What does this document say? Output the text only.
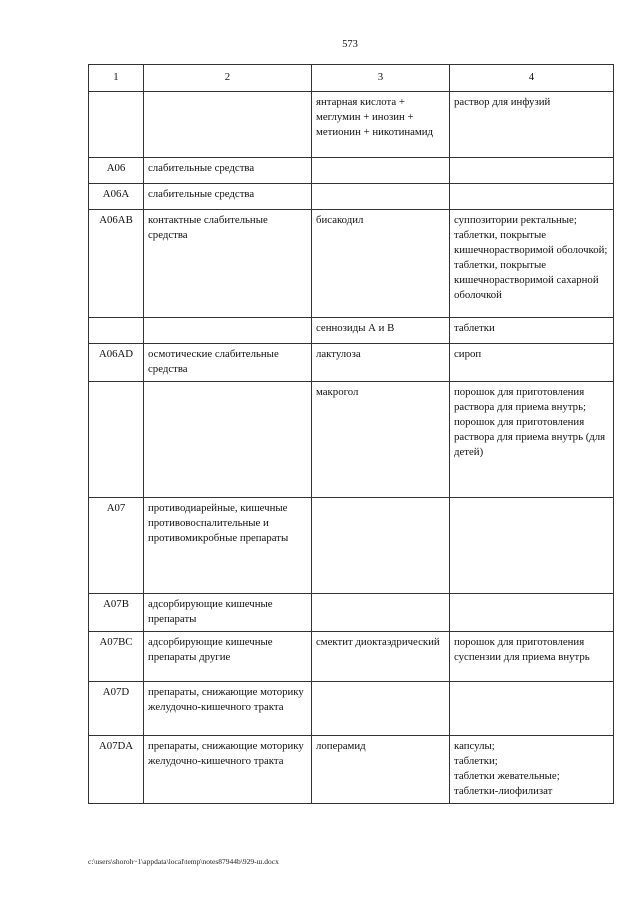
573
1	2	3	4
		янтарная кислота + меглумин + инозин + метионин + никотинамид	раствор для инфузий
A06	слабительные средства		
A06A	слабительные средства		
A06AB	контактные слабительные средства	бисакодил	суппозитории ректальные;
таблетки, покрытые кишечнорастворимой оболочкой;
таблетки, покрытые кишечнорастворимой сахарной оболочкой
		сеннозиды А и В	таблетки
A06AD	осмотические слабительные средства	лактулоза	сироп
		макрогол	порошок для приготовления раствора для приема внутрь;
порошок для приготовления раствора для приема внутрь (для детей)
A07	противодиарейные, кишечные противовоспалительные и противомикробные препараты		
A07B	адсорбирующие кишечные препараты		
A07BC	адсорбирующие кишечные препараты другие	смектит диоктаэдрический	порошок для приготовления суспензии для приема внутрь
A07D	препараты, снижающие моторику желудочно-кишечного тракта		
A07DA	препараты, снижающие моторику желудочно-кишечного тракта	лоперамид	капсулы;
таблетки;
таблетки жевательные;
таблетки-лиофилизат
c:\users\shoroh~1\appdata\local\temp\notes87944b\929-ш.docx
